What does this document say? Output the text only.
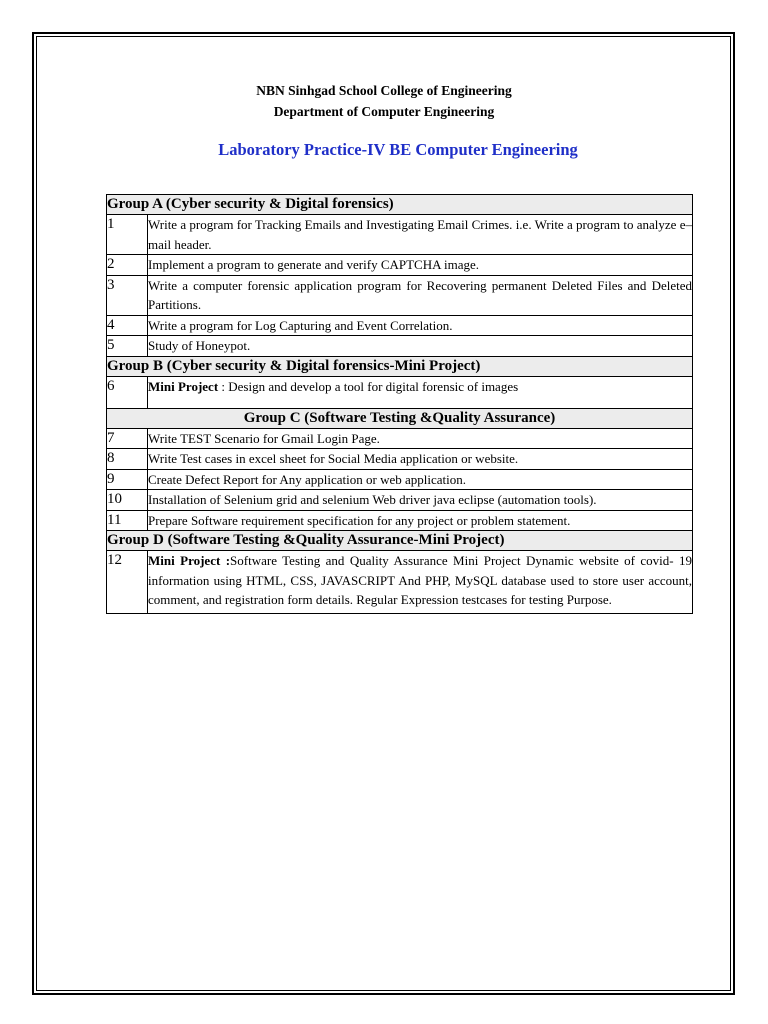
NBN Sinhgad School College of Engineering
Department of Computer Engineering
Laboratory Practice-IV BE Computer Engineering
Group A (Cyber security & Digital forensics)	
1	Write a program for Tracking Emails and Investigating Email Crimes. i.e. Write a program to analyze e–mail header.
2	Implement a program to generate and verify CAPTCHA image.
3	Write a computer forensic application program for Recovering permanent Deleted Files and Deleted Partitions.
4	Write a program for Log Capturing and Event Correlation.
5	Study of Honeypot.
Group B (Cyber security & Digital forensics-Mini Project)	
6	Mini Project : Design and develop a tool for digital forensic of images
Group C (Software Testing &Quality Assurance)	
7	Write TEST Scenario for Gmail Login Page.
8	Write Test cases in excel sheet for Social Media application or website.
9	Create Defect Report for Any application or web application.
10	Installation of Selenium grid and selenium Web driver java eclipse (automation tools).
11	Prepare Software requirement specification for any project or problem statement.
Group D (Software Testing &Quality Assurance-Mini Project)	
12	Mini Project :Software Testing and Quality Assurance Mini Project Dynamic website of covid- 19 information using HTML, CSS, JAVASCRIPT And PHP, MySQL database used to store user account, comment, and registration form details. Regular Expression testcases for testing Purpose.
